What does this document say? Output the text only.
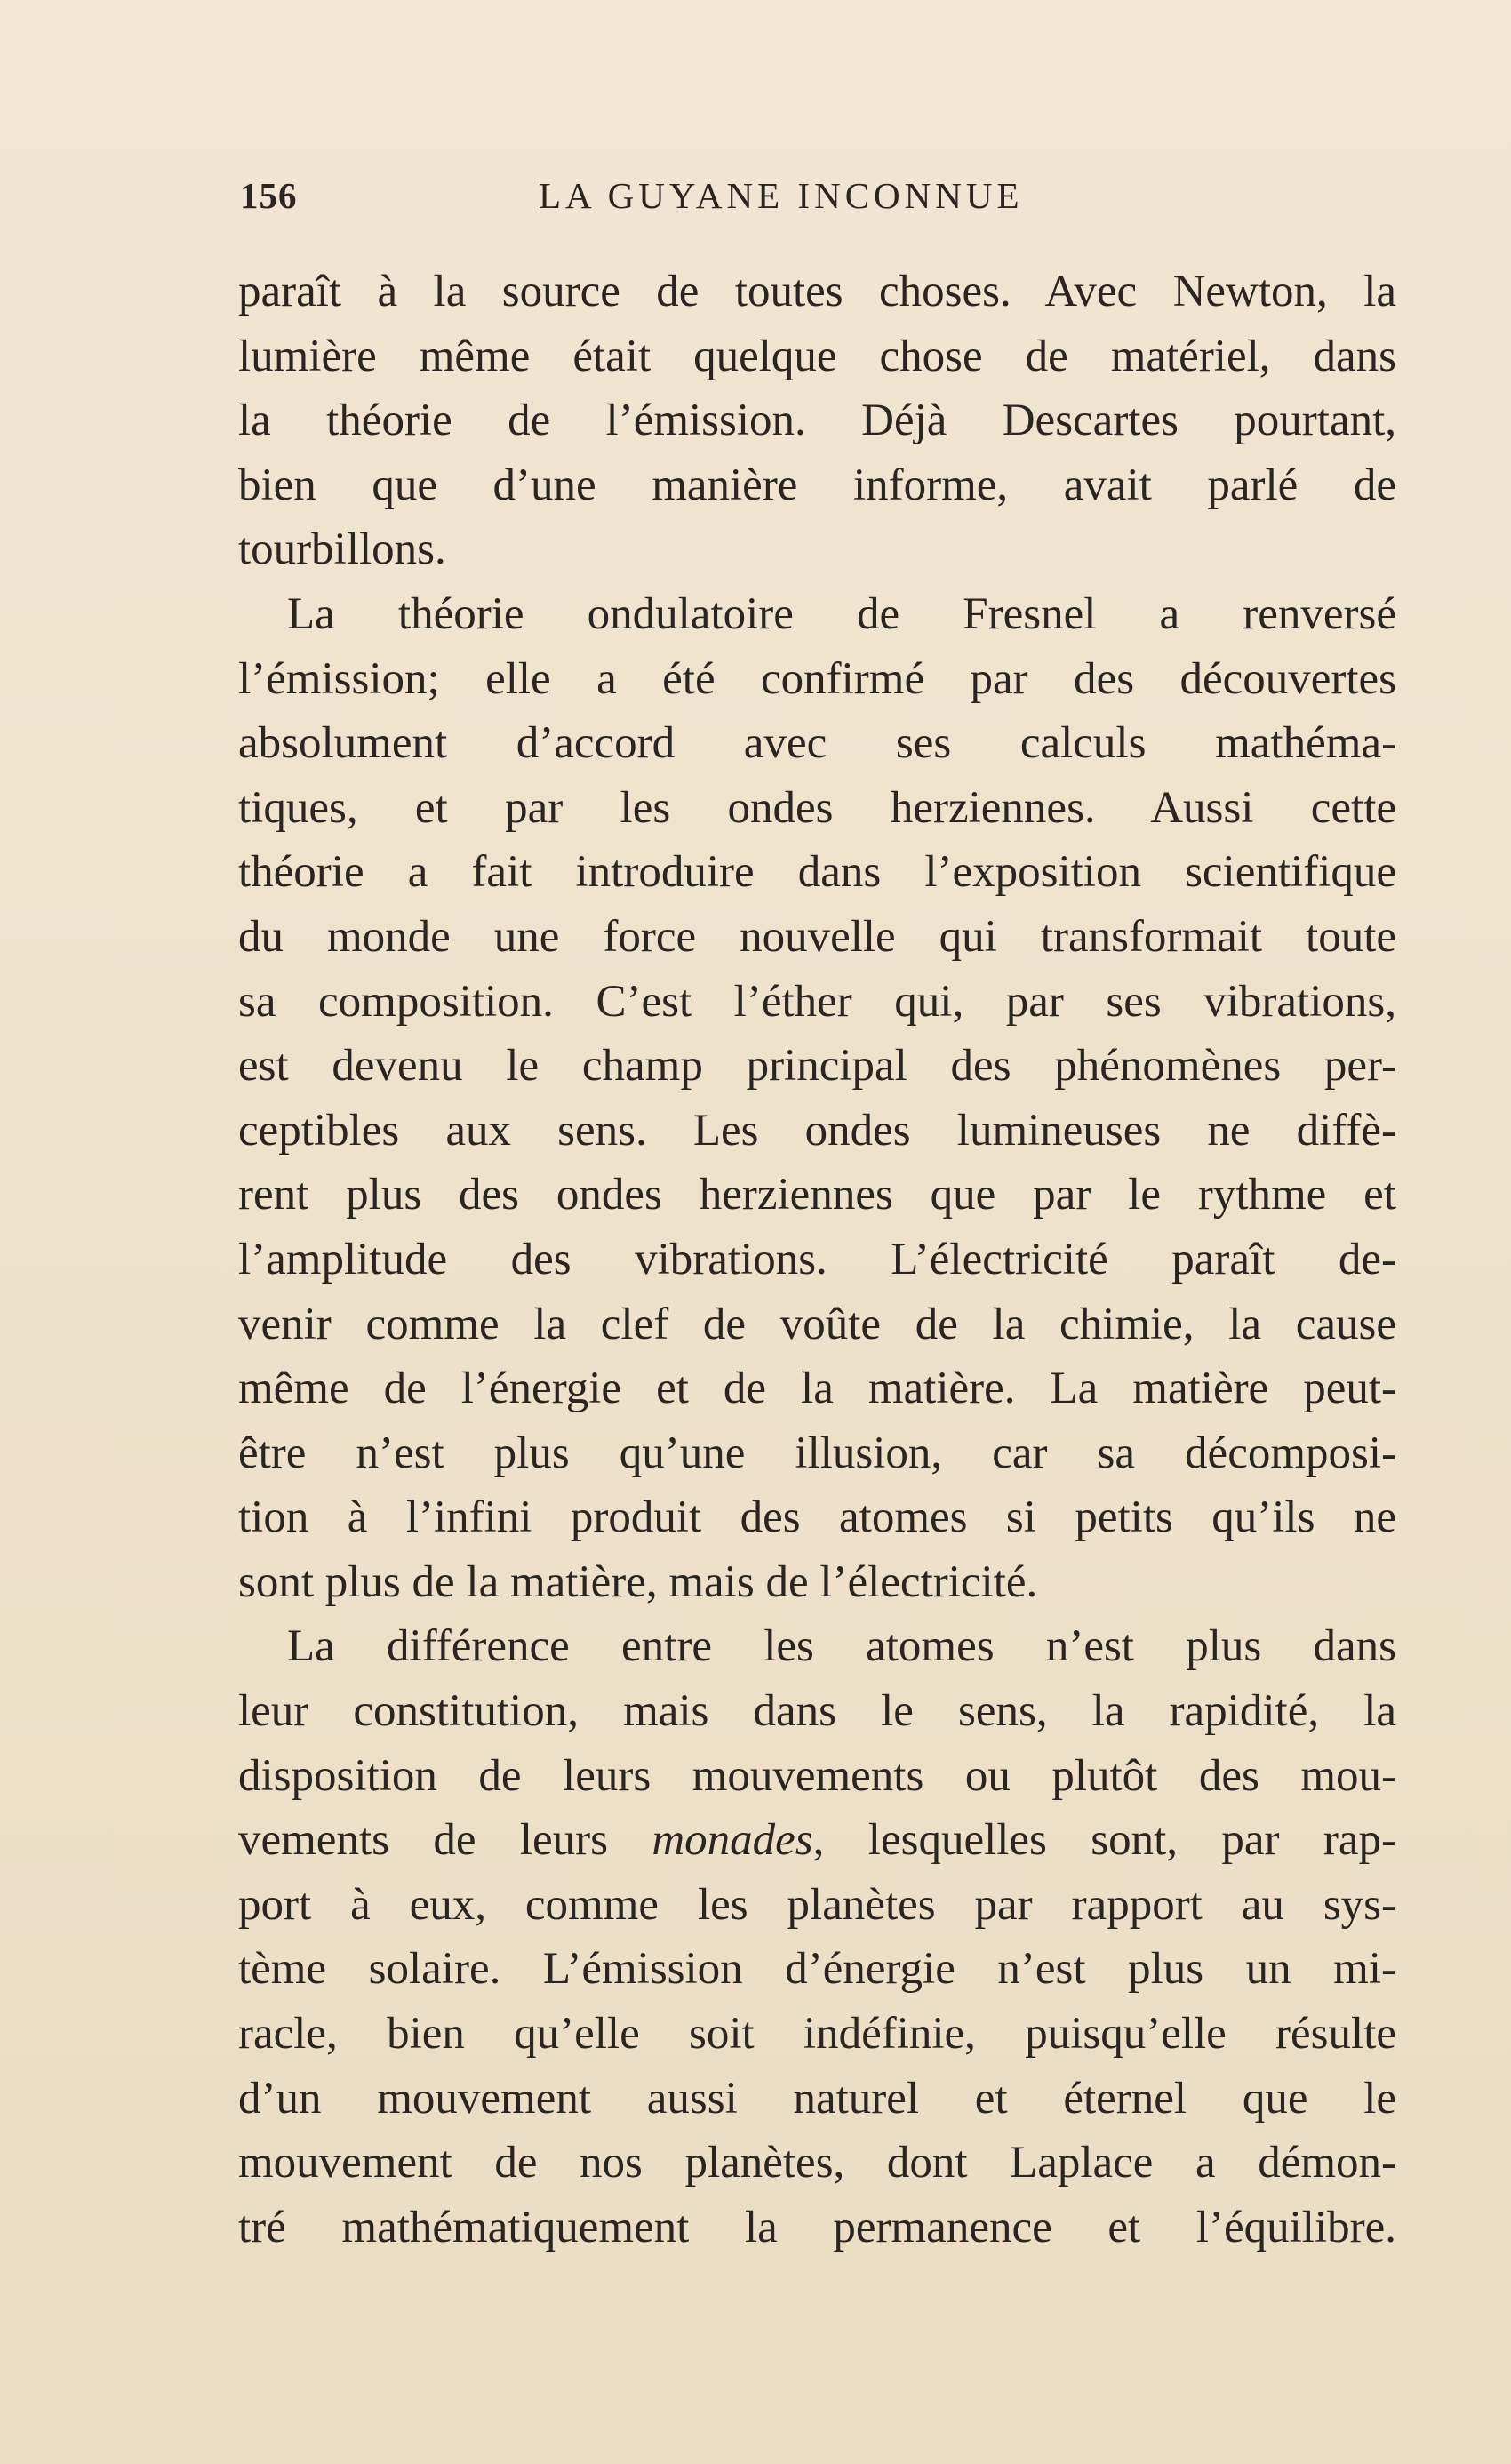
156	LA GUYANE INCONNUE
paraît à la source de toutes choses. Avec Newton, la
lumière même était quelque chose de matériel, dans
la théorie de l’émission. Déjà Descartes pourtant,
bien que d’une manière informe, avait parlé de
tourbillons.
La théorie ondulatoire de Fresnel a renversé
l’émission; elle a été confirmé par des découvertes
absolument d’accord avec ses calculs mathéma-
tiques, et par les ondes herziennes. Aussi cette
théorie a fait introduire dans l’exposition scientifique
du monde une force nouvelle qui transformait toute
sa composition. C’est l’éther qui, par ses vibrations,
est devenu le champ principal des phénomènes per-
ceptibles aux sens. Les ondes lumineuses ne diffè-
rent plus des ondes herziennes que par le rythme et
l’amplitude des vibrations. L’électricité paraît de-
venir comme la clef de voûte de la chimie, la cause
même de l’énergie et de la matière. La matière peut-
être n’est plus qu’une illusion, car sa décomposi-
tion à l’infini produit des atomes si petits qu’ils ne
sont plus de la matière, mais de l’électricité.
La différence entre les atomes n’est plus dans
leur constitution, mais dans le sens, la rapidité, la
disposition de leurs mouvements ou plutôt des mou-
vements de leurs monades, lesquelles sont, par rap-
port à eux, comme les planètes par rapport au sys-
tème solaire. L’émission d’énergie n’est plus un mi-
racle, bien qu’elle soit indéfinie, puisqu’elle résulte
d’un mouvement aussi naturel et éternel que le
mouvement de nos planètes, dont Laplace a démon-
tré mathématiquement la permanence et l’équilibre.
